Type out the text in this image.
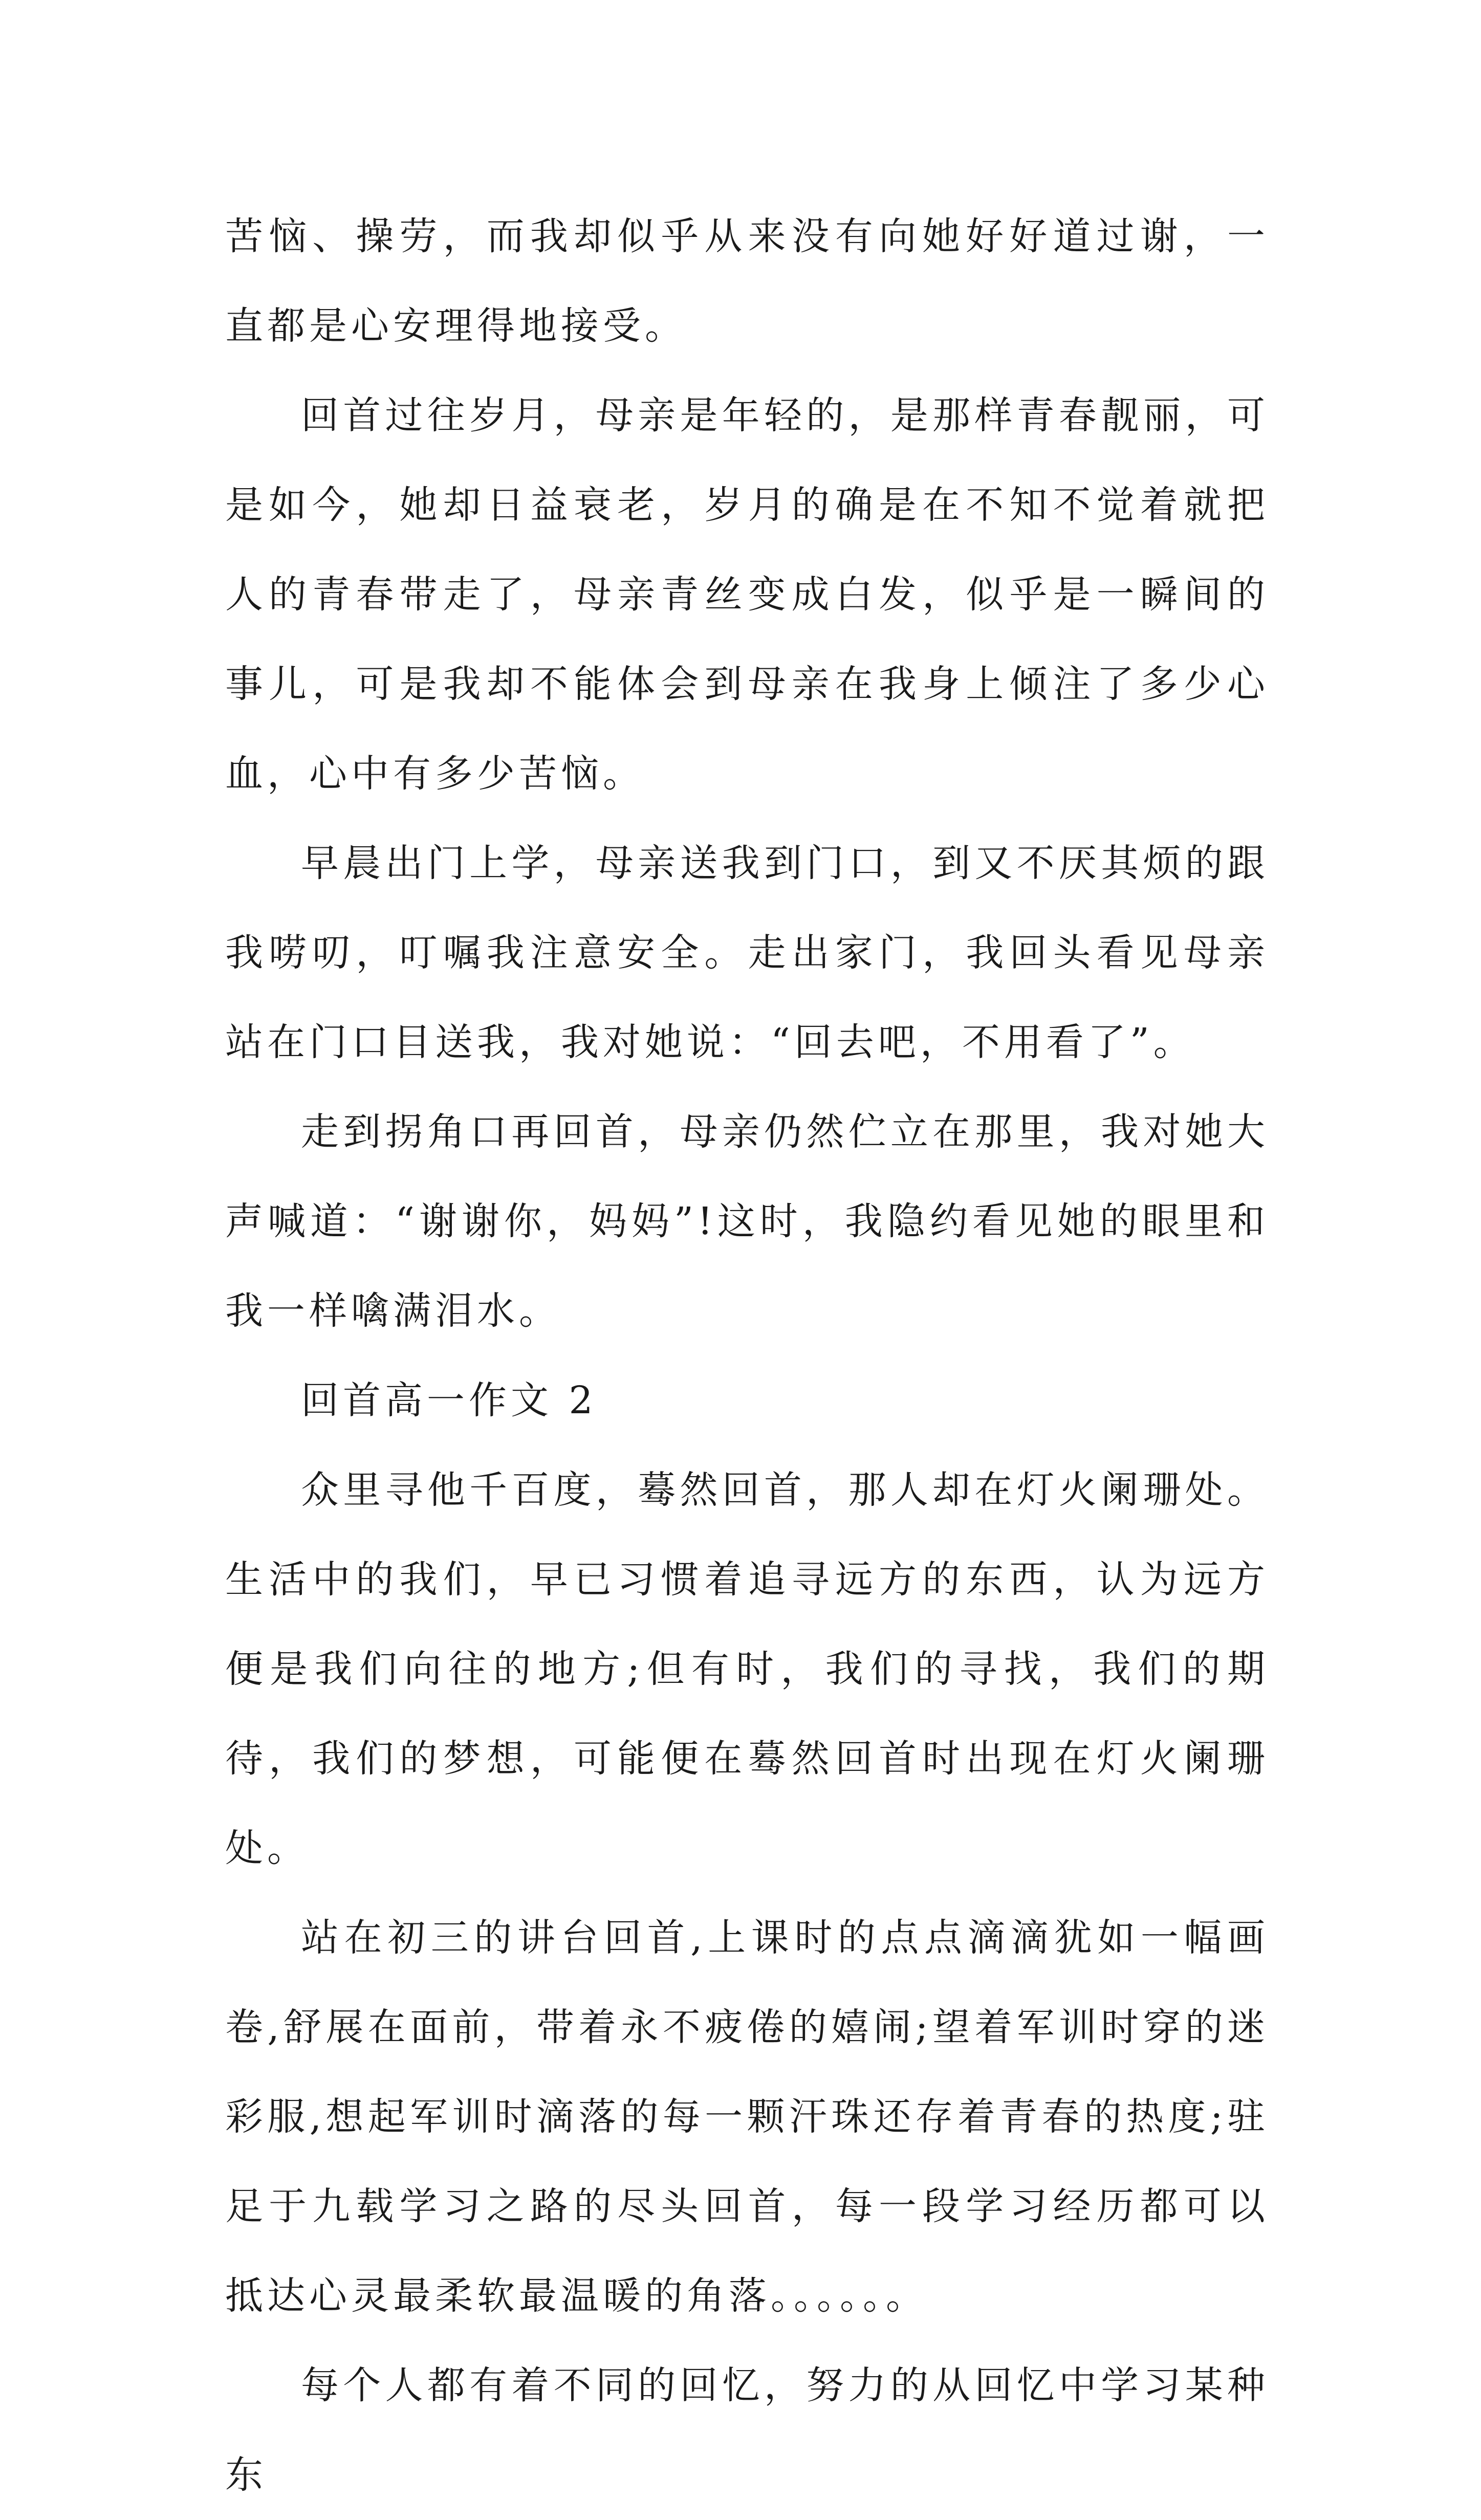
苦恼、操劳，而我却似乎从来没有向她好好道过谢，一直都是心安理得地接受。

回首过往岁月，母亲是年轻的，是那样青春靓丽，可是如今，她却日益衰老，岁月的确是在不知不觉着就把人的青春带走了，母亲青丝变成白发，似乎是一瞬间的事儿，可是我却不能体会到母亲在我身上倾注了多少心血，心中有多少苦恼。

早晨出门上学，母亲送我到门口，到又不厌其烦的跟我唠叨，叮嘱我注意安全。走出家门，我回头看见母亲站在门口目送我，我对她说：“回去吧，不用看了”。

走到拐角口再回首，母亲仍然伫立在那里，我对她大声喊道：“谢谢你，妈妈”!这时，我隐约看见她的眼里和我一样噙满泪水。

回首高一作文 2

众里寻他千百度，蓦然回首，那人却在灯火阑珊处。生活中的我们，早已习惯着追寻远方的东西，认为远方便是我们向往的地方;但有时，我们的寻找，我们的期待，我们的梦想，可能便在蓦然回首时出现在灯火阑珊处。

站在初三的讲台回首,上课时的点点滴滴犹如一幅画卷,舒展在面前，带着永不疲倦的嬉闹;望着军训时穿的迷彩服,想起军训时滴落的每一颗汗珠还存着青春的热度;驻足于九载学习之路的尽头回首，每一段学习经历都可以抵达心灵最柔软最温暖的角落。。。。。。

每个人都有着不同的回忆，努力的从回忆中学习某种东
